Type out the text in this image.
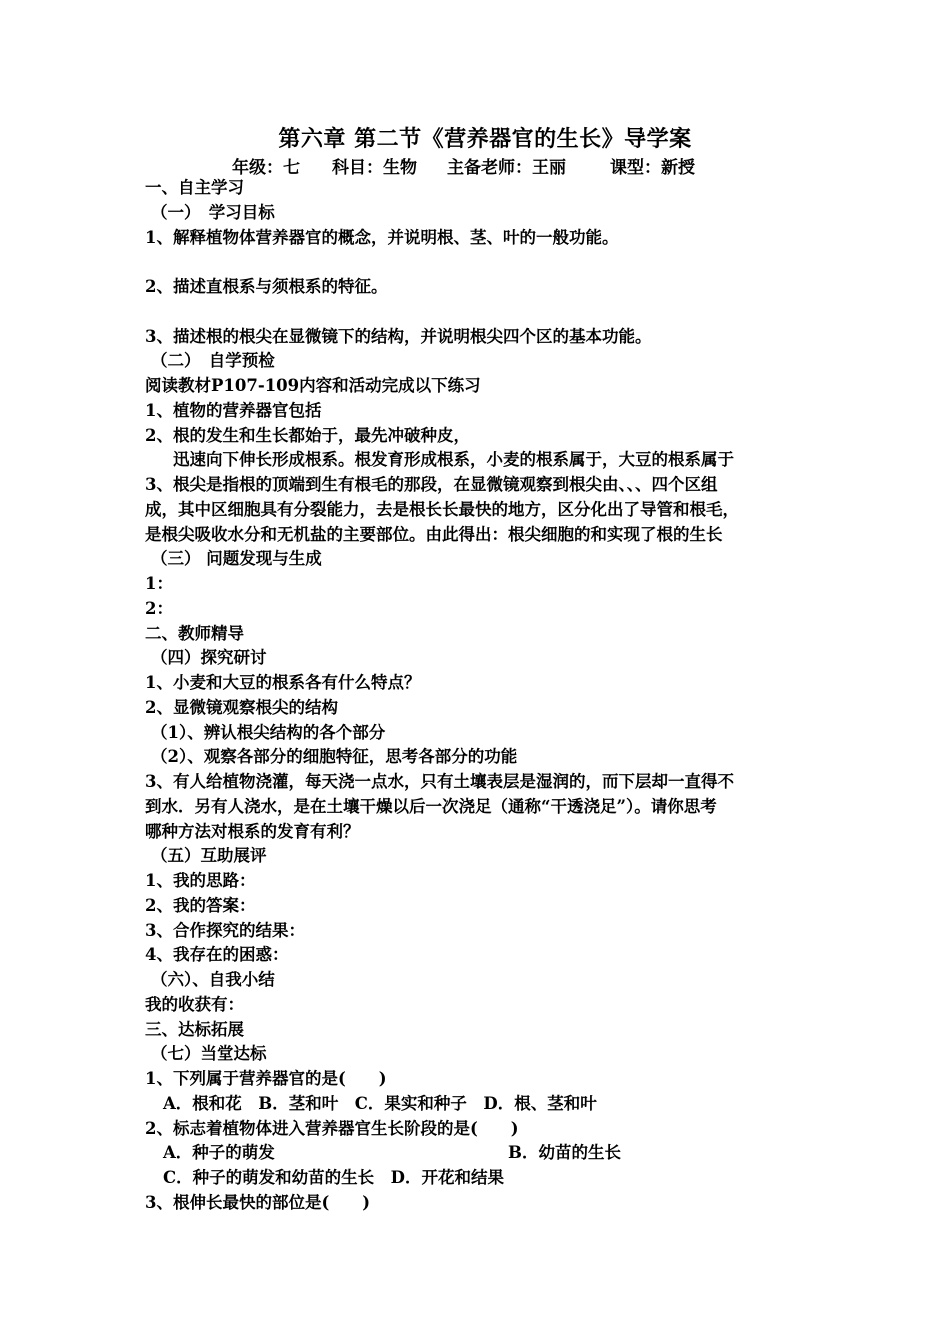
第六章 第二节《营养器官的生长》导学案
年级：七 科目：生物 主备老师：王丽	课型：新授
一、自主学习
（一）　学习目标
1、解释植物体营养器官的概念，并说明根、茎、叶的一般功能。
2、描述直根系与须根系的特征。
3、描述根的根尖在显微镜下的结构，并说明根尖四个区的基本功能。
（二）　自学预检
阅读教材P107-109内容和活动完成以下练习
1、植物的营养器官包括
2、根的发生和生长都始于，最先冲破种皮，
迅速向下伸长形成根系。根发育形成根系，小麦的根系属于，大豆的根系属于
3、根尖是指根的顶端到生有根毛的那段，在显微镜观察到根尖由、、、四个区组
成，其中区细胞具有分裂能力，去是根长长最快的地方，区分化出了导管和根毛，
是根尖吸收水分和无机盐的主要部位。由此得出：根尖细胞的和实现了根的生长
（三） 问题发现与生成
1：
2：
二、教师精导
（四）探究研讨
1、小麦和大豆的根系各有什么特点？
2、显微镜观察根尖的结构
（1）、辨认根尖结构的各个部分
（2）、观察各部分的细胞特征，思考各部分的功能
3、有人给植物浇灌，每天浇一点水，只有土壤表层是湿润的，而下层却一直得不
到水．另有人浇水，是在土壤干燥以后一次浇足（通称“干透浇足”）。请你思考
哪种方法对根系的发育有利？
（五）互助展评
1、我的思路：
2、我的答案：
3、合作探究的结果：
4、我存在的困惑：
（六）、自我小结
我的收获有：
三、达标拓展
（七）当堂达标
1、下列属于营养器官的是(　　)
A．根和花　B．茎和叶　C．果实和种子　D．根、茎和叶
2、标志着植物体进入营养器官生长阶段的是(　　)
A．种子的萌发	B．幼苗的生长
C．种子的萌发和幼苗的生长　D．开花和结果
3、根伸长最快的部位是(　　)
